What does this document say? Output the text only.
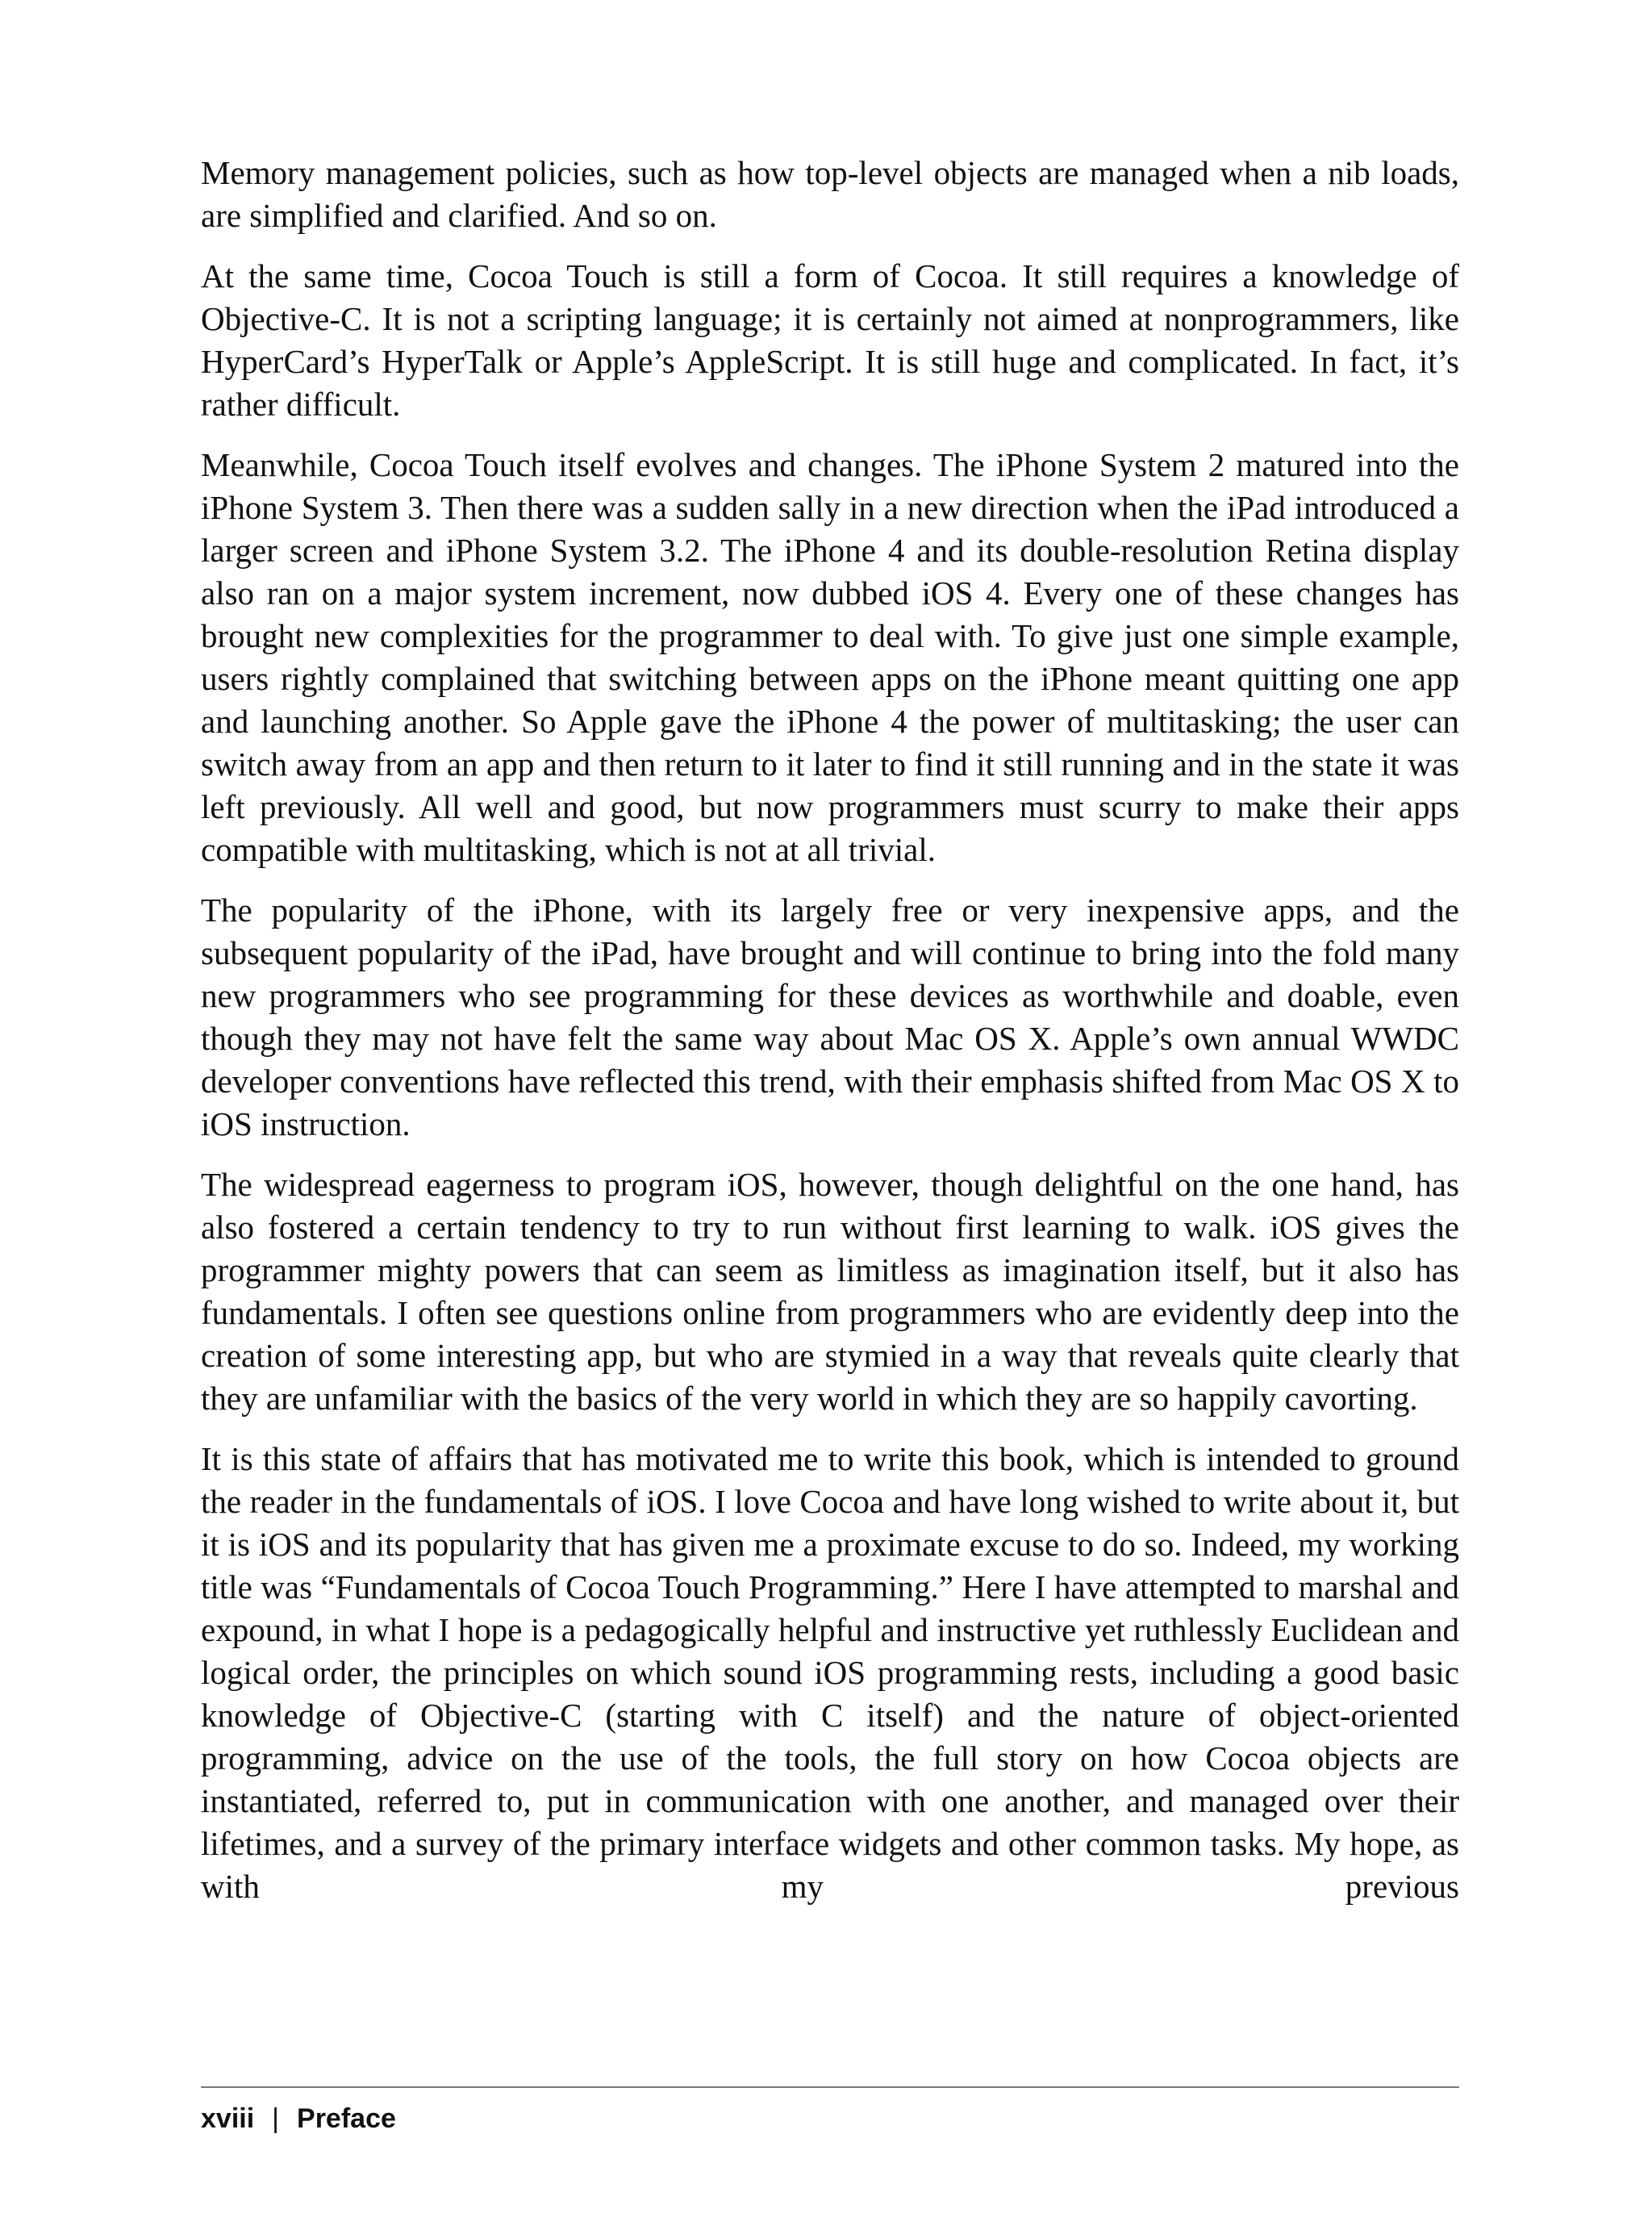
Memory management policies, such as how top-level objects are managed when a nib loads, are simplified and clarified. And so on.

At the same time, Cocoa Touch is still a form of Cocoa. It still requires a knowledge of Objective-C. It is not a scripting language; it is certainly not aimed at nonprogrammers, like HyperCard’s HyperTalk or Apple’s AppleScript. It is still huge and complicated. In fact, it’s rather difficult.

Meanwhile, Cocoa Touch itself evolves and changes. The iPhone System 2 matured into the iPhone System 3. Then there was a sudden sally in a new direction when the iPad introduced a larger screen and iPhone System 3.2. The iPhone 4 and its double-resolution Retina display also ran on a major system increment, now dubbed iOS 4. Every one of these changes has brought new complexities for the programmer to deal with. To give just one simple example, users rightly complained that switching between apps on the iPhone meant quitting one app and launching another. So Apple gave the iPhone 4 the power of multitasking; the user can switch away from an app and then return to it later to find it still running and in the state it was left previously. All well and good, but now programmers must scurry to make their apps compatible with multitasking, which is not at all trivial.

The popularity of the iPhone, with its largely free or very inexpensive apps, and the subsequent popularity of the iPad, have brought and will continue to bring into the fold many new programmers who see programming for these devices as worthwhile and doable, even though they may not have felt the same way about Mac OS X. Apple’s own annual WWDC developer conventions have reflected this trend, with their emphasis shifted from Mac OS X to iOS instruction.

The widespread eagerness to program iOS, however, though delightful on the one hand, has also fostered a certain tendency to try to run without first learning to walk. iOS gives the programmer mighty powers that can seem as limitless as imagination itself, but it also has fundamentals. I often see questions online from programmers who are evidently deep into the creation of some interesting app, but who are stymied in a way that reveals quite clearly that they are unfamiliar with the basics of the very world in which they are so happily cavorting.

It is this state of affairs that has motivated me to write this book, which is intended to ground the reader in the fundamentals of iOS. I love Cocoa and have long wished to write about it, but it is iOS and its popularity that has given me a proximate excuse to do so. Indeed, my working title was “Fundamentals of Cocoa Touch Programming.” Here I have attempted to marshal and expound, in what I hope is a pedagogically helpful and instructive yet ruthlessly Euclidean and logical order, the principles on which sound iOS programming rests, including a good basic knowledge of Objective-C (starting with C itself) and the nature of object-oriented programming, advice on the use of the tools, the full story on how Cocoa objects are instantiated, referred to, put in communication with one another, and managed over their lifetimes, and a survey of the primary interface widgets and other common tasks. My hope, as with my previous

xviii | Preface
